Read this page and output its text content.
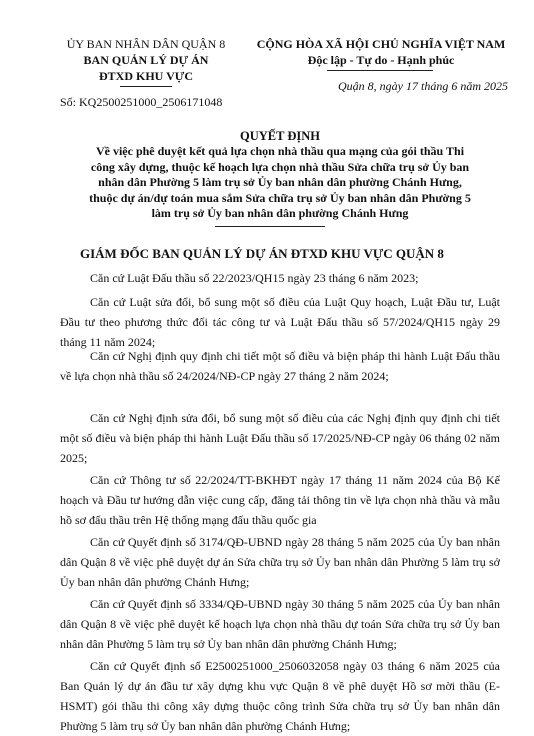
ỦY BAN NHÂN DÂN QUẬN 8
BAN QUẢN LÝ DỰ ÁN
ĐTXD KHU VỰC
Số: KQ2500251000_2506171048
CỘNG HÒA XÃ HỘI CHỦ NGHĨA VIỆT NAM
Độc lập - Tự do - Hạnh phúc
Quận 8, ngày 17 tháng 6 năm 2025
QUYẾT ĐỊNH
Về việc phê duyệt kết quả lựa chọn nhà thầu qua mạng của gói thầu Thi
công xây dựng, thuộc kế hoạch lựa chọn nhà thầu Sửa chữa trụ sở Ủy ban
nhân dân Phường 5 làm trụ sở Ủy ban nhân dân phường Chánh Hưng,
thuộc dự án/dự toán mua sắm Sửa chữa trụ sở Ủy ban nhân dân Phường 5
làm trụ sở Ủy ban nhân dân phường Chánh Hưng
GIÁM ĐỐC BAN QUẢN LÝ DỰ ÁN ĐTXD KHU VỰC QUẬN 8

Căn cứ Luật Đấu thầu số 22/2023/QH15 ngày 23 tháng 6 năm 2023;

Căn cứ Luật sửa đổi, bổ sung một số điều của Luật Quy hoạch, Luật Đầu tư, Luật Đầu tư theo phương thức đối tác công tư và Luật Đấu thầu số 57/2024/QH15 ngày 29 tháng 11 năm 2024;

Căn cứ Nghị định quy định chi tiết một số điều và biện pháp thi hành Luật Đấu thầu về lựa chọn nhà thầu số 24/2024/NĐ-CP ngày 27 tháng 2 năm 2024;

Căn cứ Nghị định sửa đổi, bổ sung một số điều của các Nghị định quy định chi tiết một số điều và biện pháp thi hành Luật Đấu thầu số 17/2025/NĐ-CP ngày 06 tháng 02 năm 2025;

Căn cứ Thông tư số 22/2024/TT-BKHĐT ngày 17 tháng 11 năm 2024 của Bộ Kế hoạch và Đầu tư hướng dẫn việc cung cấp, đăng tải thông tin về lựa chọn nhà thầu và mẫu hồ sơ đấu thầu trên Hệ thống mạng đấu thầu quốc gia

Căn cứ Quyết định số 3174/QĐ-UBND ngày 28 tháng 5 năm 2025 của Ủy ban nhân dân Quận 8 về việc phê duyệt dự án Sửa chữa trụ sở Ủy ban nhân dân Phường 5 làm trụ sở Ủy ban nhân dân phường Chánh Hưng;

Căn cứ Quyết định số 3334/QĐ-UBND ngày 30 tháng 5 năm 2025 của Ủy ban nhân dân Quận 8 về việc phê duyệt kế hoạch lựa chọn nhà thầu dự toán Sửa chữa trụ sở Ủy ban nhân dân Phường 5 làm trụ sở Ủy ban nhân dân phường Chánh Hưng;

Căn cứ Quyết định số E2500251000_2506032058 ngày 03 tháng 6 năm 2025 của Ban Quản lý dự án đầu tư xây dựng khu vực Quận 8 về phê duyệt Hồ sơ mời thầu (E-HSMT) gói thầu thi công xây dựng thuộc công trình Sửa chữa trụ sở Ủy ban nhân dân Phường 5 làm trụ sở Ủy ban nhân dân phường Chánh Hưng;
